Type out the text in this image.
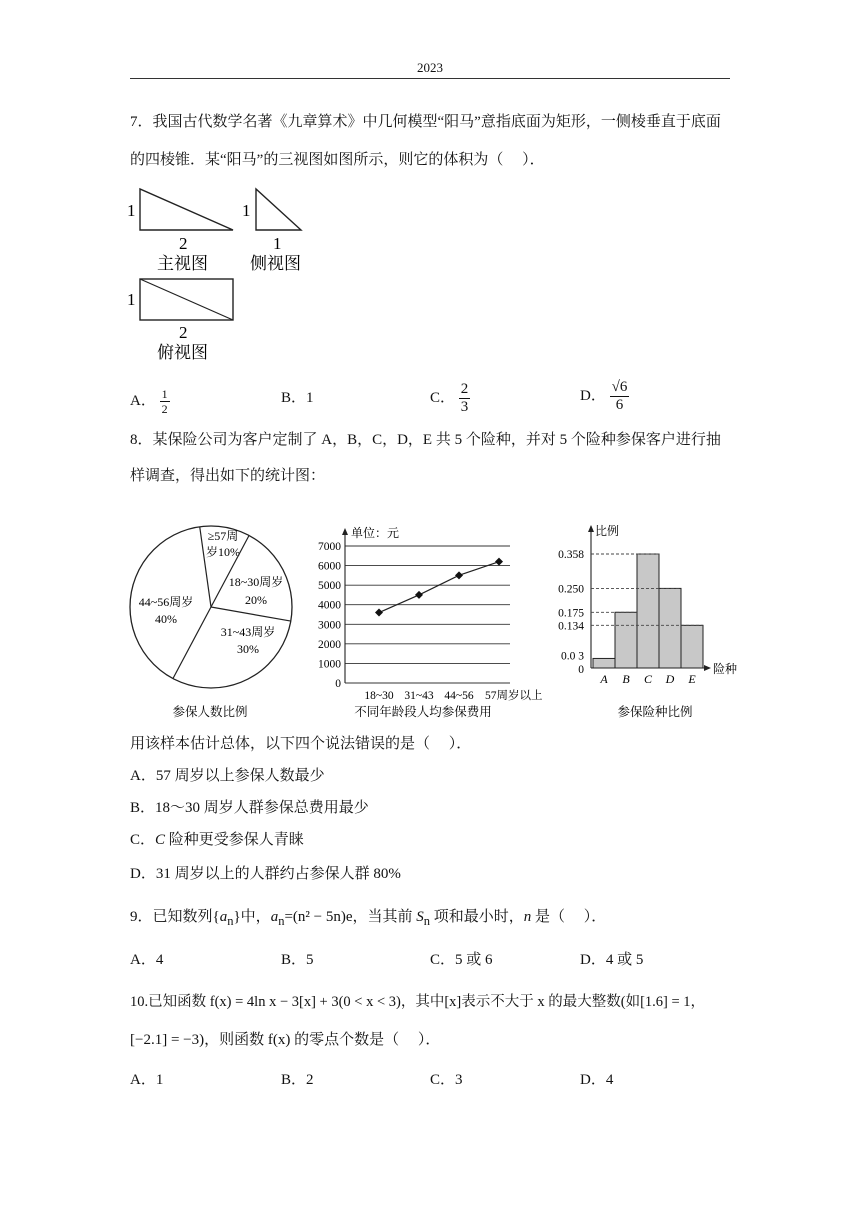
2023
7．我国古代数学名著《九章算术》中几何模型“阳马”意指底面为矩形，一侧棱垂直于底面
的四棱锥．某“阳马”的三视图如图所示，则它的体积为（　 ）．
1
2
主视图
1
1
侧视图
1
2
俯视图
A． $\frac{1}{2}$	B．1	C． $\frac{2}{3}$	D． $\frac{√6}{6}$
8．某保险公司为客户定制了 A，B，C，D，E 共 5 个险种，并对 5 个险种参保客户进行抽
样调查，得出如下的统计图：
≥57周
岁10%
18~30周岁
20%
31~43周岁
30%
44~56周岁
40%
参保人数比例
单位：元
7000
6000
5000
4000
3000
2000
1000
0
18~30 31~43 44~56 57周岁以上
不同年龄段人均参保费用
比例
险种
A B C D E
0.358
0.250
0.175
0.134
0.0 3
0
参保险种比例
用该样本估计总体，以下四个说法错误的是（　 ）．
A．57 周岁以上参保人数最少
B．18～30 周岁人群参保总费用最少
C．C 险种更受参保人青睐
D．31 周岁以上的人群约占参保人群 80%
9．已知数列$\{a_n\}$中，$a_n=(n^2 - 5n)e$，当其前 $S_n$ 项和最小时，n 是（　 ）．
A．4	B．5	C．5 或 6	D．4 或 5
10.已知函数 f(x) = 4ln x − 3[x] + 3(0 < x < 3)，其中[x]表示不大于 x 的最大整数(如[1.6] = 1，
[−2.1] = −3)，则函数 f(x) 的零点个数是（　 ）．
A．1	B．2	C．3	D．4
